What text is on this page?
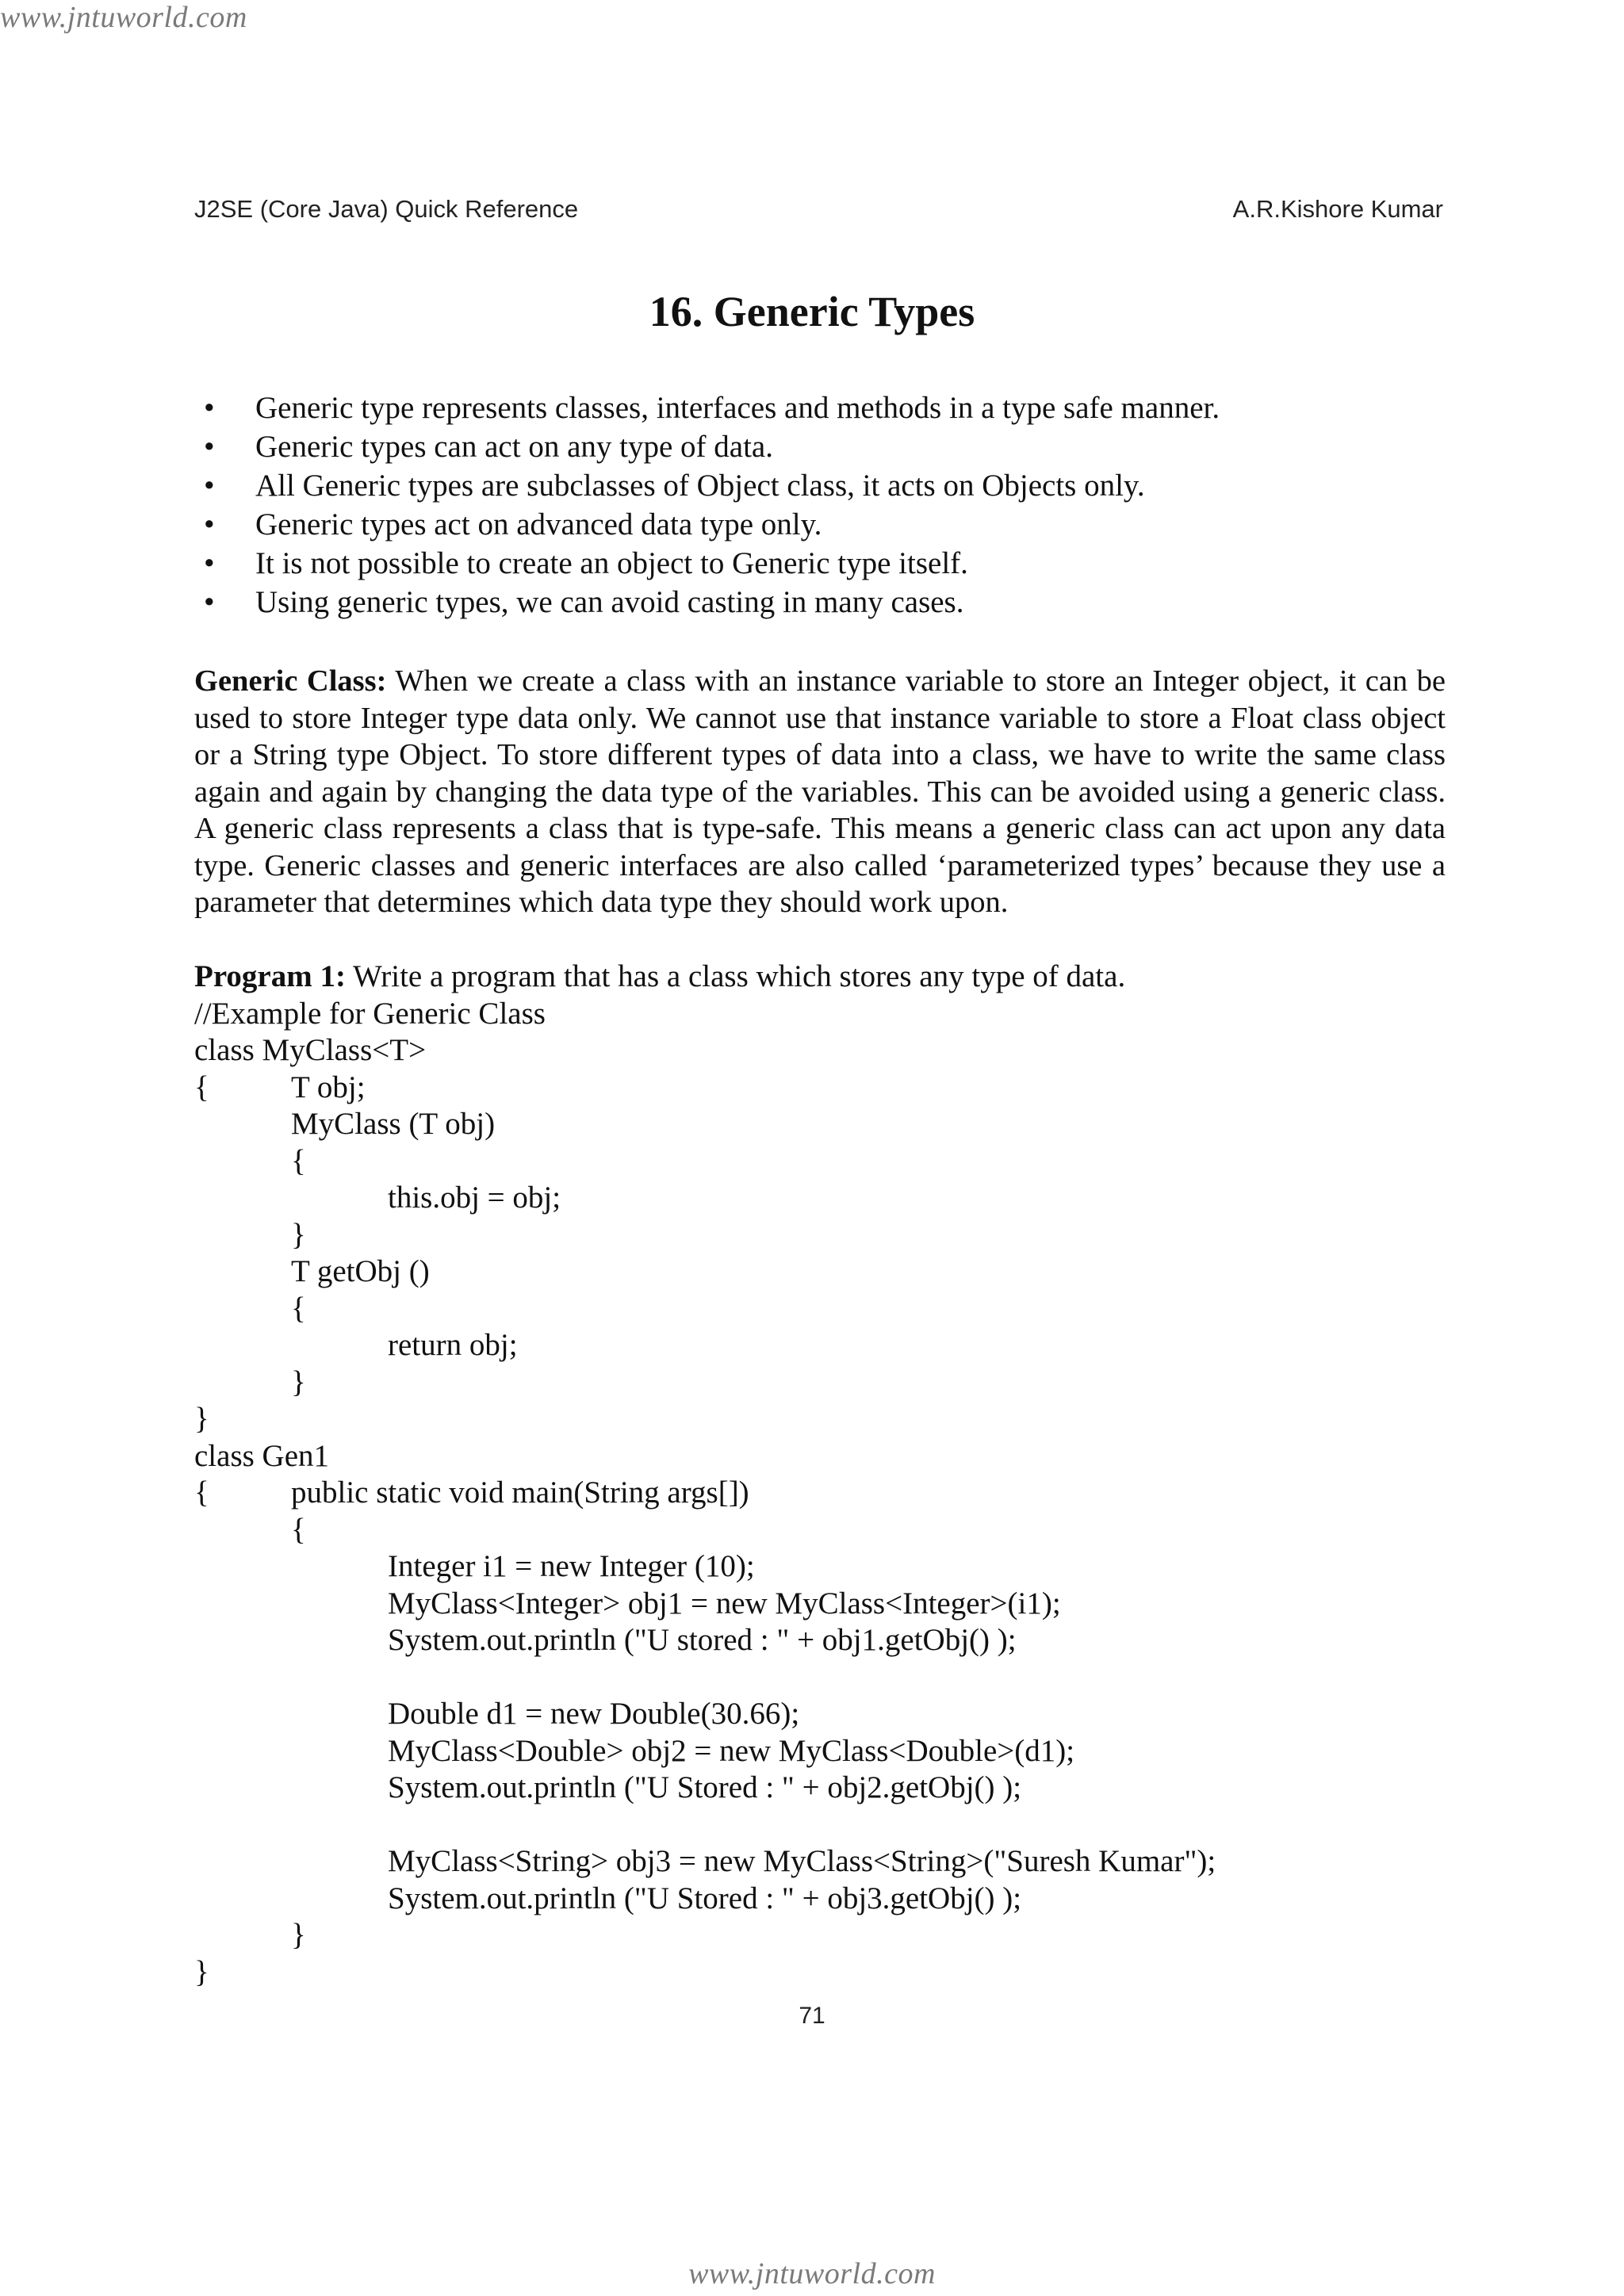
www.jntuworld.com
J2SE (Core Java) Quick Reference	A.R.Kishore Kumar
16. Generic Types
• Generic type represents classes, interfaces and methods in a type safe manner.
• Generic types can act on any type of data.
• All Generic types are subclasses of Object class, it acts on Objects only.
• Generic types act on advanced data type only.
• It is not possible to create an object to Generic type itself.
• Using generic types, we can avoid casting in many cases.

Generic Class: When we create a class with an instance variable to store an Integer object, it can be used to store Integer type data only. We cannot use that instance variable to store a Float class object or a String type Object. To store different types of data into a class, we have to write the same class again and again by changing the data type of the variables. This can be avoided using a generic class. A generic class represents a class that is type-safe. This means a generic class can act upon any data type. Generic classes and generic interfaces are also called ‘parameterized types’ because they use a parameter that determines which data type they should work upon.

Program 1: Write a program that has a class which stores any type of data.
//Example for Generic Class
class MyClass<T>
{	T obj;
MyClass (T obj)
{
this.obj = obj;
}
T getObj ()
{
return obj;
}
}
class Gen1
{	public static void main(String args[])
{
Integer i1 = new Integer (10);
MyClass<Integer> obj1 = new MyClass<Integer>(i1);
System.out.println ("U stored : " + obj1.getObj() );
Double d1 = new Double(30.66);
MyClass<Double> obj2 = new MyClass<Double>(d1);
System.out.println ("U Stored : " + obj2.getObj() );
MyClass<String> obj3 = new MyClass<String>("Suresh Kumar");
System.out.println ("U Stored : " + obj3.getObj() );
}
}
71
www.jntuworld.com
